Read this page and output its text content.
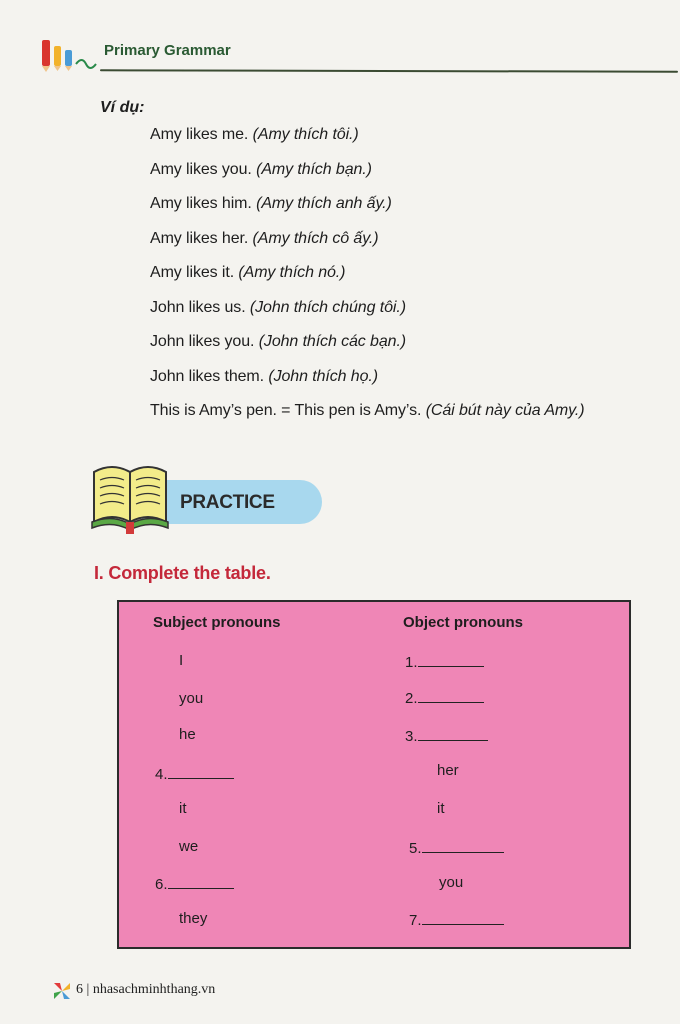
Primary Grammar
Ví dụ:
Amy likes me. (Amy thích tôi.)
Amy likes you. (Amy thích bạn.)
Amy likes him. (Amy thích anh ấy.)
Amy likes her. (Amy thích cô ấy.)
Amy likes it. (Amy thích nó.)
John likes us. (John thích chúng tôi.)
John likes you. (John thích các bạn.)
John likes them. (John thích họ.)
This is Amy’s pen. = This pen is Amy’s. (Cái bút này của Amy.)
PRACTICE
I. Complete the table.
Subject pronouns	Object pronouns
I	1.
you	2.
he	3.
4.	her
it	it
we	5.
6.	you
they	7.
6 | nhasachminhthang.vn
